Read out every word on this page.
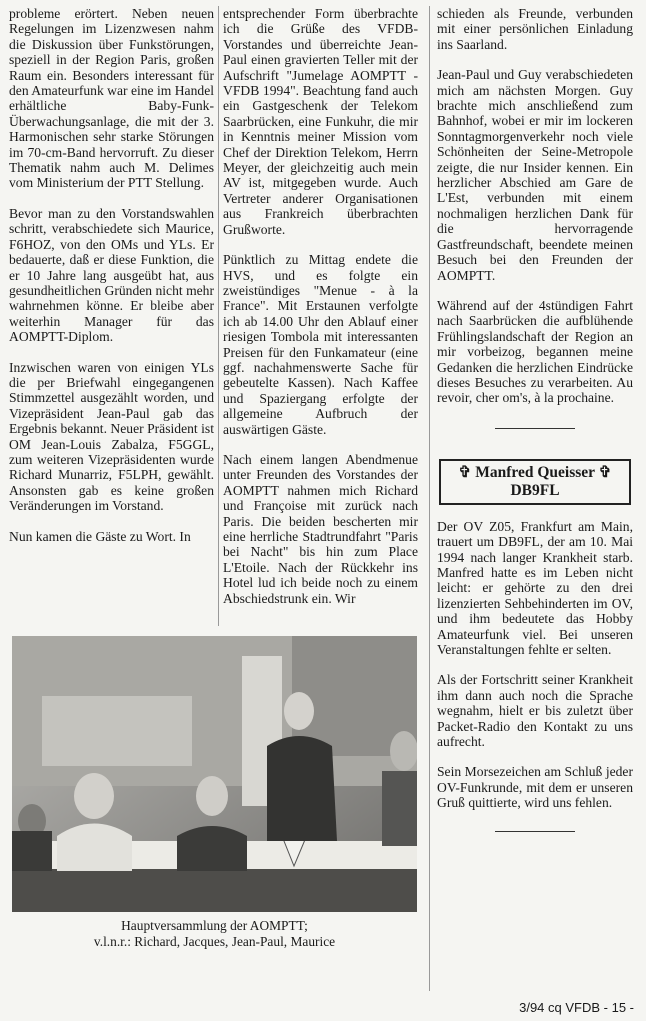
probleme erörtert. Neben neuen Regelungen im Lizenzwesen nahm die Diskussion über Funkstörungen, speziell in der Region Paris, großen Raum ein. Besonders interessant für den Amateurfunk war eine im Handel erhältliche Baby-Funk-Überwachungsanlage, die mit der 3. Harmonischen sehr starke Störungen im 70-cm-Band hervorruft. Zu dieser Thematik nahm auch M. Delimes vom Ministerium der PTT Stellung.

Bevor man zu den Vorstandswahlen schritt, verabschiedete sich Maurice, F6HOZ, von den OMs und YLs. Er bedauerte, daß er diese Funktion, die er 10 Jahre lang ausgeübt hat, aus gesundheitlichen Gründen nicht mehr wahrnehmen könne. Er bleibe aber weiterhin Manager für das AOMPTT-Diplom.

Inzwischen waren von einigen YLs die per Briefwahl eingegangenen Stimmzettel ausgezählt worden, und Vizepräsident Jean-Paul gab das Ergebnis bekannt. Neuer Präsident ist OM Jean-Louis Zabalza, F5GGL, zum weiteren Vizepräsidenten wurde Richard Munarriz, F5LPH, gewählt. Ansonsten gab es keine großen Veränderungen im Vorstand.

Nun kamen die Gäste zu Wort. In

entsprechender Form überbrachte ich die Grüße des VFDB-Vorstandes und überreichte Jean-Paul einen gravierten Teller mit der Aufschrift "Jumelage AOMPTT - VFDB 1994". Beachtung fand auch ein Gastgeschenk der Telekom Saarbrücken, eine Funkuhr, die mir in Kenntnis meiner Mission vom Chef der Direktion Telekom, Herrn Meyer, der gleichzeitig auch mein AV ist, mitgegeben wurde. Auch Vertreter anderer Organisationen aus Frankreich überbrachten Grußworte.

Pünktlich zu Mittag endete die HVS, und es folgte ein zweistündiges "Menue - à la France". Mit Erstaunen verfolgte ich ab 14.00 Uhr den Ablauf einer riesigen Tombola mit interessanten Preisen für den Funkamateur (eine ggf. nachahmenswerte Sache für gebeutelte Kassen). Nach Kaffee und Spaziergang erfolgte der allgemeine Aufbruch der auswärtigen Gäste.

Nach einem langen Abendmenue unter Freunden des Vorstandes der AOMPTT nahmen mich Richard und Françoise mit zurück nach Paris. Die beiden bescherten mir eine herrliche Stadtrundfahrt "Paris bei Nacht" bis hin zum Place L'Etoile. Nach der Rückkehr ins Hotel lud ich beide noch zu einem Abschiedstrunk ein. Wir

schieden als Freunde, verbunden mit einer persönlichen Einladung ins Saarland.

Jean-Paul und Guy verabschiedeten mich am nächsten Morgen. Guy brachte mich anschließend zum Bahnhof, wobei er mir im lockeren Sonntagmorgenverkehr noch viele Schönheiten der Seine-Metropole zeigte, die nur Insider kennen. Ein herzlicher Abschied am Gare de L'Est, verbunden mit einem nochmaligen herzlichen Dank für die hervorragende Gastfreundschaft, beendete meinen Besuch bei den Freunden der AOMPTT.

Während auf der 4stündigen Fahrt nach Saarbrücken die aufblühende Frühlingslandschaft der Region an mir vorbeizog, begannen meine Gedanken die herzlichen Eindrücke dieses Besuches zu verarbeiten. Au revoir, cher om's, à la prochaine.

✞ Manfred Queisser ✞
DB9FL

Der OV Z05, Frankfurt am Main, trauert um DB9FL, der am 10. Mai 1994 nach langer Krankheit starb. Manfred hatte es im Leben nicht leicht: er gehörte zu den drei lizenzierten Sehbehinderten im OV, und ihm bedeutete das Hobby Amateurfunk viel. Bei unseren Veranstaltungen fehlte er selten.

Als der Fortschritt seiner Krankheit ihm dann auch noch die Sprache wegnahm, hielt er bis zuletzt über Packet-Radio den Kontakt zu uns aufrecht.

Sein Morsezeichen am Schluß jeder OV-Funkrunde, mit dem er unseren Gruß quittierte, wird uns fehlen.

Hauptversammlung der AOMPTT;
v.l.n.r.: Richard, Jacques, Jean-Paul, Maurice
3/94 cq VFDB - 15 -
